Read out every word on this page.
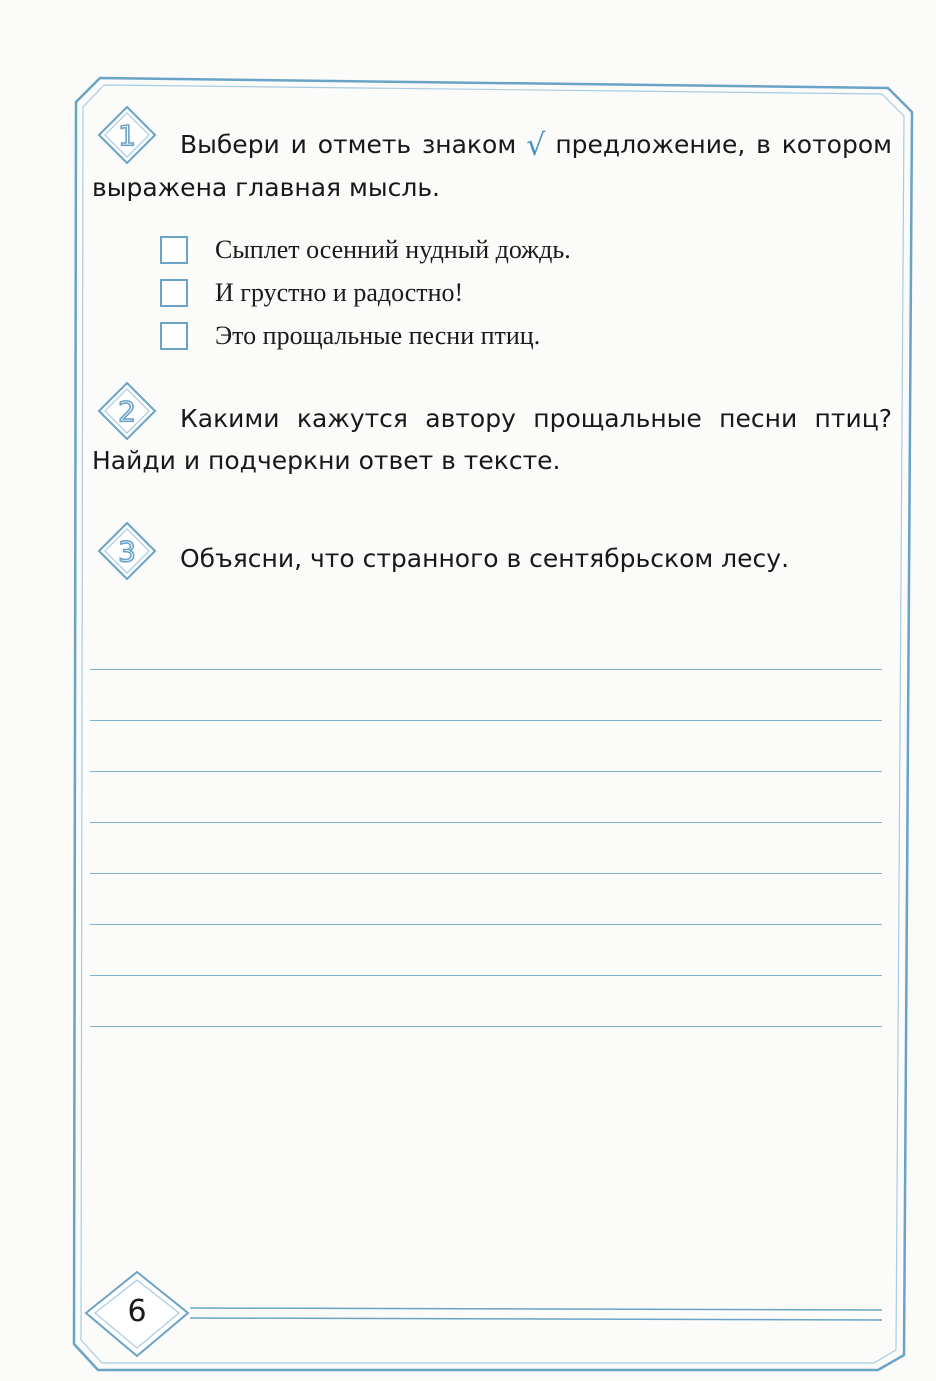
1	Выбери и отметь знаком √ предложение, в котором выражена главная мысль.
Сыплет осенний нудный дождь.
И грустно и радостно!
Это прощальные песни птиц.
2	Какими кажутся автору прощальные песни птиц? Найди и подчеркни ответ в тексте.
3	Объясни, что странного в сентябрьском лесу.
6
